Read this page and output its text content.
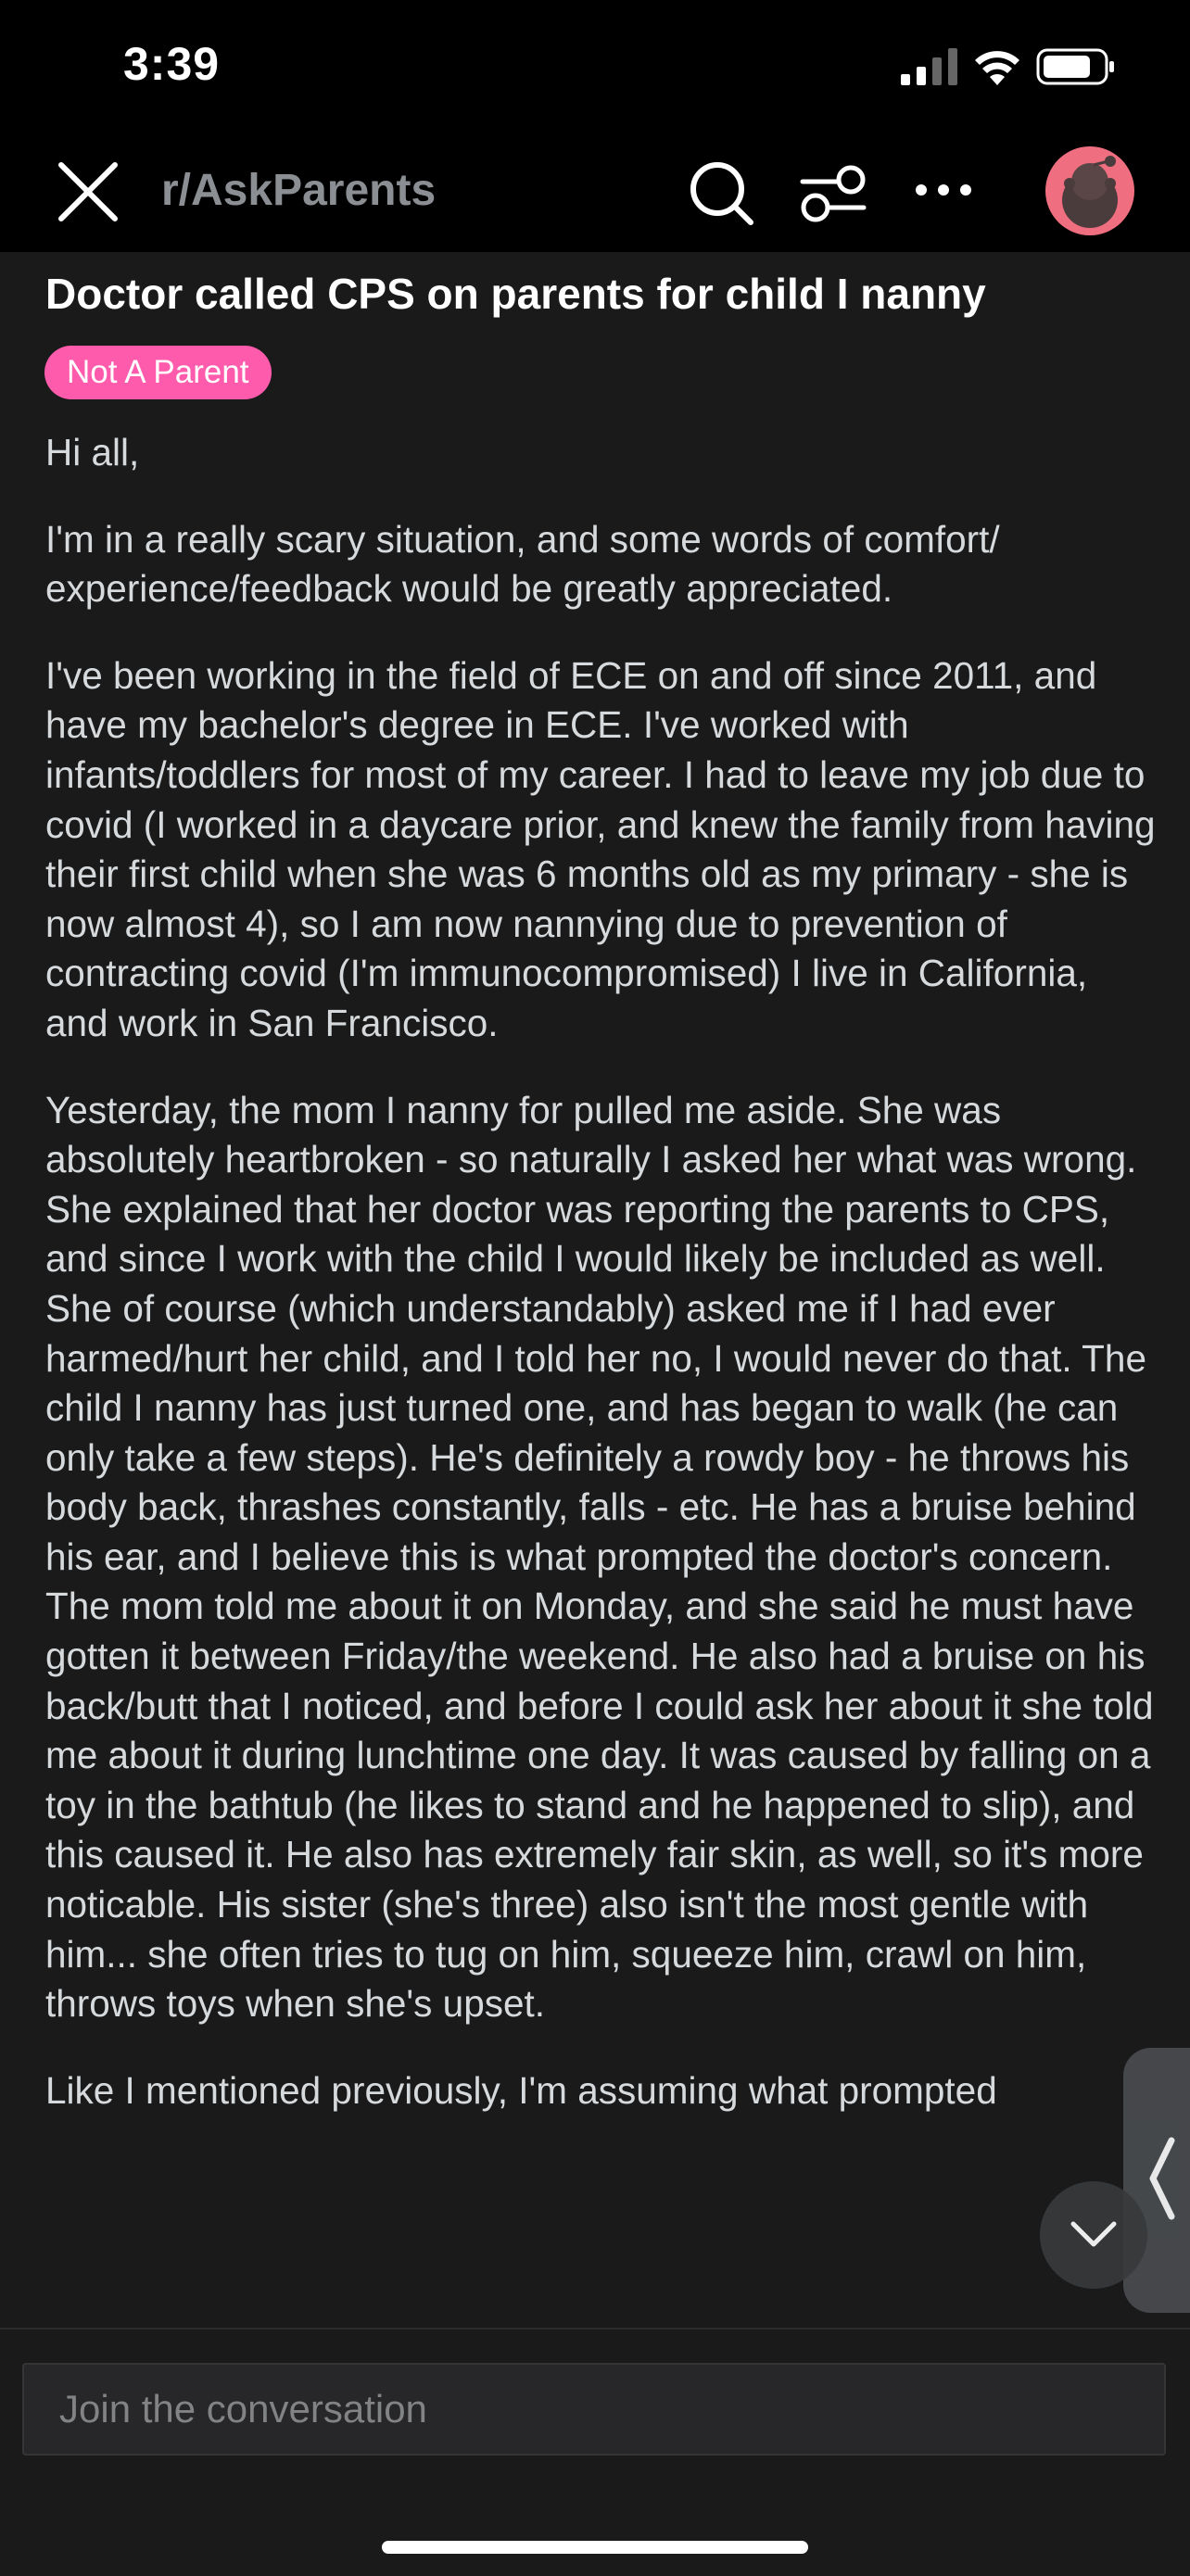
3:39
r/AskParents
Doctor called CPS on parents for child I nanny
Not A Parent

Hi all,

I'm in a really scary situation, and some words of comfort/ experience/feedback would be greatly appreciated.

I've been working in the field of ECE on and off since 2011, and have my bachelor's degree in ECE. I've worked with infants/toddlers for most of my career. I had to leave my job due to covid (I worked in a daycare prior, and knew the family from having their first child when she was 6 months old as my primary - she is now almost 4), so I am now nannying due to prevention of contracting covid (I'm immunocompromised) I live in California, and work in San Francisco.

Yesterday, the mom I nanny for pulled me aside. She was absolutely heartbroken - so naturally I asked her what was wrong. She explained that her doctor was reporting the parents to CPS, and since I work with the child I would likely be included as well. She of course (which understandably) asked me if I had ever harmed/hurt her child, and I told her no, I would never do that. The child I nanny has just turned one, and has began to walk (he can only take a few steps). He's definitely a rowdy boy - he throws his body back, thrashes constantly, falls - etc. He has a bruise behind his ear, and I believe this is what prompted the doctor's concern. The mom told me about it on Monday, and she said he must have gotten it between Friday/the weekend. He also had a bruise on his back/butt that I noticed, and before I could ask her about it she told me about it during lunchtime one day. It was caused by falling on a toy in the bathtub (he likes to stand and he happened to slip), and this caused it. He also has extremely fair skin, as well, so it's more noticable. His sister (she's three) also isn't the most gentle with him... she often tries to tug on him, squeeze him, crawl on him, throws toys when she's upset.

Like I mentioned previously, I'm assuming what prompted

Join the conversation
